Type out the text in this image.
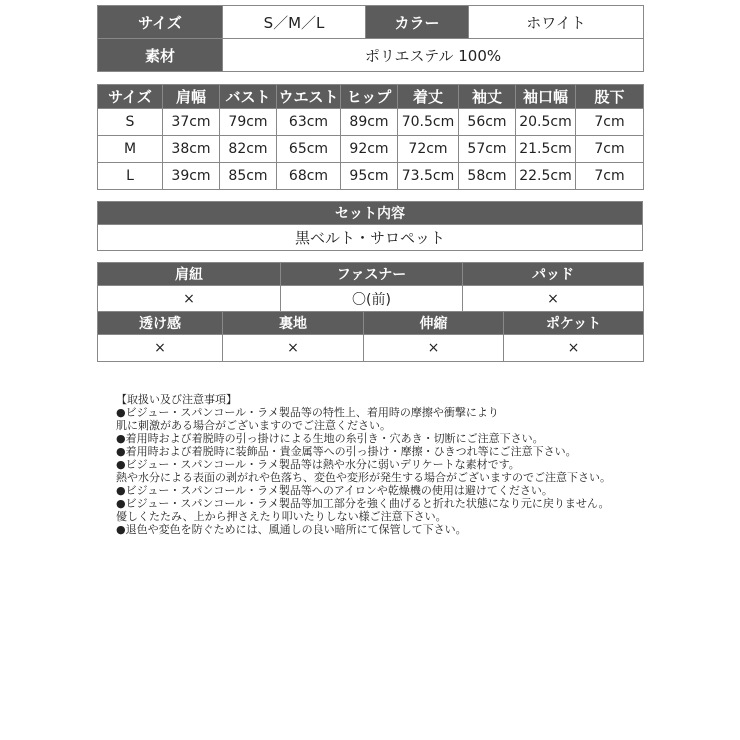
サイズ	S／M／L	カラー	ホワイト
素材	ポリエステル 100%		
サイズ	肩幅	バスト	ウエスト	ヒップ	着丈	袖丈	袖口幅	股下
S	37cm	79cm	63cm	89cm	70.5cm	56cm	20.5cm	7cm
M	38cm	82cm	65cm	92cm	72cm	57cm	21.5cm	7cm
L	39cm	85cm	68cm	95cm	73.5cm	58cm	22.5cm	7cm
セット内容
黒ベルト・サロペット
肩紐	ファスナー	パッド
×	〇(前)	×
透け感	裏地	伸縮	ポケット
×	×	×	×
【取扱い及び注意事項】
●ビジュー・スパンコール・ラメ製品等の特性上、着用時の摩擦や衝撃により
肌に刺激がある場合がございますのでご注意ください。
●着用時および着脱時の引っ掛けによる生地の糸引き・穴あき・切断にご注意下さい。
●着用時および着脱時に装飾品・貴金属等への引っ掛け・摩擦・ひきつれ等にご注意下さい。
●ビジュー・スパンコール・ラメ製品等は熱や水分に弱いデリケートな素材です。
熱や水分による表面の剥がれや色落ち、変色や変形が発生する場合がございますのでご注意下さい。
●ビジュー・スパンコール・ラメ製品等へのアイロンや乾燥機の使用は避けてください。
●ビジュー・スパンコール・ラメ製品等加工部分を強く曲げると折れた状態になり元に戻りません。
優しくたたみ、上から押さえたり叩いたりしない様ご注意下さい。
●退色や変色を防ぐためには、風通しの良い暗所にて保管して下さい。
